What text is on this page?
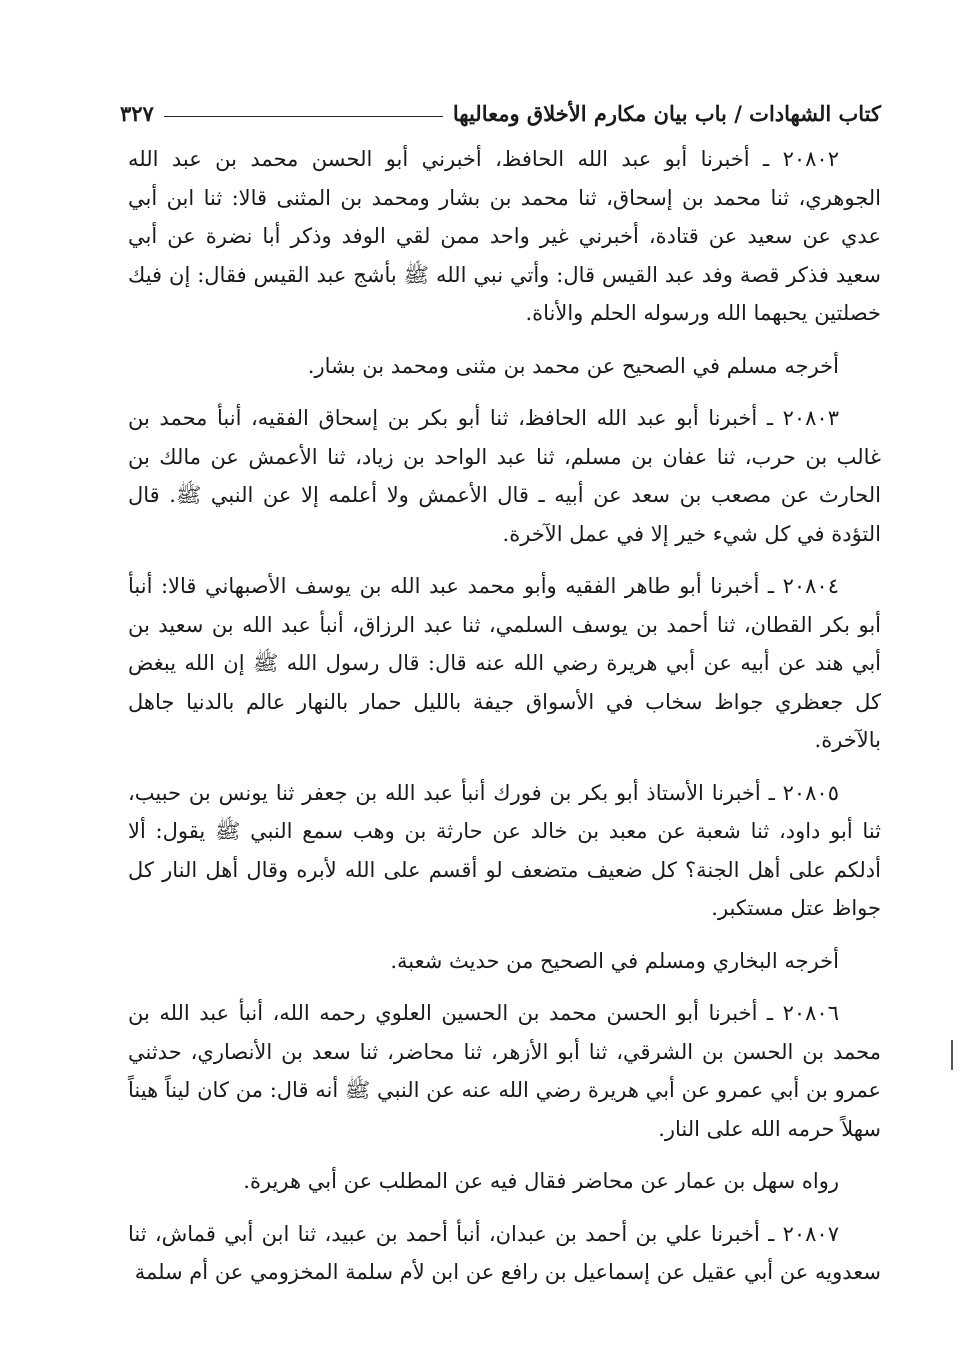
كتاب الشهادات / باب بيان مكارم الأخلاق ومعاليها
٣٢٧

٢٠٨٠٢ ـ أخبرنا أبو عبد الله الحافظ، أخبرني أبو الحسن محمد بن عبد الله الجوهري، ثنا محمد بن إسحاق، ثنا محمد بن بشار ومحمد بن المثنى قالا: ثنا ابن أبي عدي عن سعيد عن قتادة، أخبرني غير واحد ممن لقي الوفد وذكر أبا نضرة عن أبي سعيد فذكر قصة وفد عبد القيس قال: وأتي نبي الله ﷺ بأشج عبد القيس فقال: إن فيك خصلتين يحبهما الله ورسوله الحلم والأناة.

أخرجه مسلم في الصحيح عن محمد بن مثنى ومحمد بن بشار.

٢٠٨٠٣ ـ أخبرنا أبو عبد الله الحافظ، ثنا أبو بكر بن إسحاق الفقيه، أنبأ محمد بن غالب بن حرب، ثنا عفان بن مسلم، ثنا عبد الواحد بن زياد، ثنا الأعمش عن مالك بن الحارث عن مصعب بن سعد عن أبيه ـ قال الأعمش ولا أعلمه إلا عن النبي ﷺ. قال التؤدة في كل شيء خير إلا في عمل الآخرة.

٢٠٨٠٤ ـ أخبرنا أبو طاهر الفقيه وأبو محمد عبد الله بن يوسف الأصبهاني قالا: أنبأ أبو بكر القطان، ثنا أحمد بن يوسف السلمي، ثنا عبد الرزاق، أنبأ عبد الله بن سعيد بن أبي هند عن أبيه عن أبي هريرة رضي الله عنه قال: قال رسول الله ﷺ إن الله يبغض كل جعظري جواظ سخاب في الأسواق جيفة بالليل حمار بالنهار عالم بالدنيا جاهل بالآخرة.

٢٠٨٠٥ ـ أخبرنا الأستاذ أبو بكر بن فورك أنبأ عبد الله بن جعفر ثنا يونس بن حبيب، ثنا أبو داود، ثنا شعبة عن معبد بن خالد عن حارثة بن وهب سمع النبي ﷺ يقول: ألا أدلكم على أهل الجنة؟ كل ضعيف متضعف لو أقسم على الله لأبره وقال أهل النار كل جواظ عتل مستكبر.

أخرجه البخاري ومسلم في الصحيح من حديث شعبة.

٢٠٨٠٦ ـ أخبرنا أبو الحسن محمد بن الحسين العلوي رحمه الله، أنبأ عبد الله بن محمد بن الحسن بن الشرقي، ثنا أبو الأزهر، ثنا محاضر، ثنا سعد بن الأنصاري، حدثني عمرو بن أبي عمرو عن أبي هريرة رضي الله عنه عن النبي ﷺ أنه قال: من كان ليناً هيناً سهلاً حرمه الله على النار.

رواه سهل بن عمار عن محاضر فقال فيه عن المطلب عن أبي هريرة.

٢٠٨٠٧ ـ أخبرنا علي بن أحمد بن عبدان، أنبأ أحمد بن عبيد، ثنا ابن أبي قماش، ثنا سعدويه عن أبي عقيل عن إسماعيل بن رافع عن ابن لأم سلمة المخزومي عن أم سلمة
